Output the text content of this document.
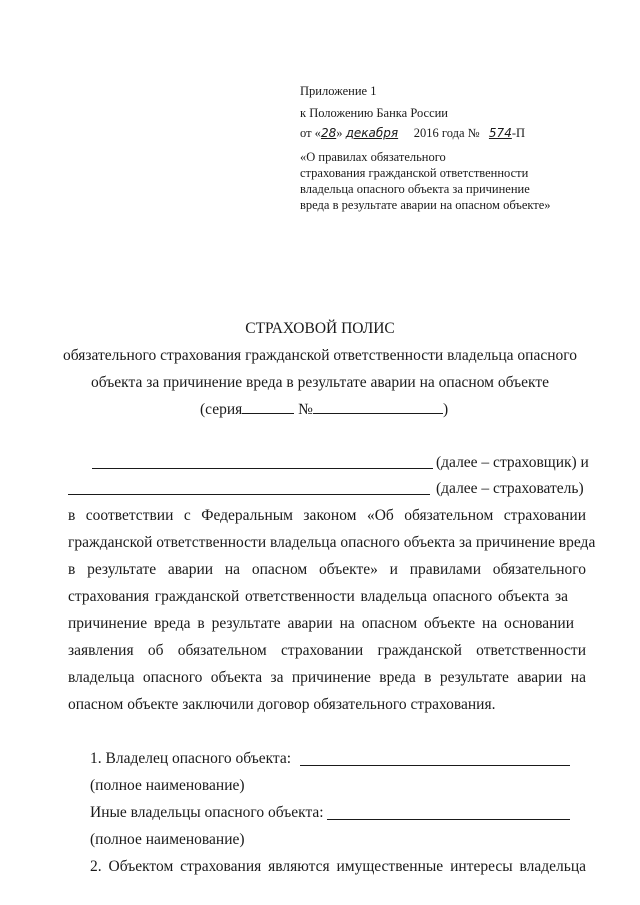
Приложение 1
к Положению Банка России
от «28» декабря 2016 года № 574-П
«О правилах обязательного
страхования гражданской ответственности
владельца опасного объекта за причинение
вреда в результате аварии на опасном объекте»
СТРАХОВОЙ ПОЛИС
обязательного страхования гражданской ответственности владельца опасного
объекта за причинение вреда в результате аварии на опасном объекте
(серия	№	)
(далее – страховщик) и
(далее – страхователь)
в соответствии с Федеральным законом «Об обязательном страховании
гражданской ответственности владельца опасного объекта за причинение вреда
в результате аварии на опасном объекте» и правилами обязательного
страхования гражданской ответственности владельца опасного объекта за
причинение вреда в результате аварии на опасном объекте на основании
заявления об обязательном страховании гражданской ответственности
владельца опасного объекта за причинение вреда в результате аварии на
опасном объекте заключили договор обязательного страхования.
1. Владелец опасного объекта:
(полное наименование)
Иные владельцы опасного объекта:
(полное наименование)
2. Объектом страхования являются имущественные интересы владельца
